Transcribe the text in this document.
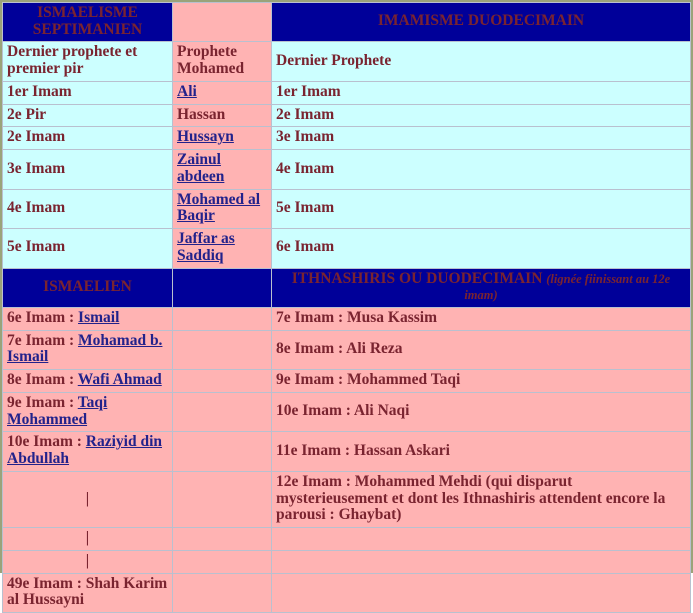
ISMAELISME SEPTIMANIEN		IMAMISME DUODECIMAIN
Dernier prophete et premier pir	Prophete Mohamed	Dernier Prophete
1er Imam	Ali	1er Imam
2e Pir	Hassan	2e Imam
2e Imam	Hussayn	3e Imam
3e Imam	Zainul abdeen	4e Imam
4e Imam	Mohamed al Baqir	5e Imam
5e Imam	Jaffar as Saddiq	6e Imam
ISMAELIEN		ITHNASHIRIS OU DUODECIMAIN (lignée fiinissant au 12e imam)
6e Imam : Ismail		7e Imam : Musa Kassim
7e Imam : Mohamad b. Ismail		8e Imam : Ali Reza
8e Imam : Wafi Ahmad		9e Imam : Mohammed Taqi
9e Imam : Taqi Mohammed		10e Imam : Ali Naqi
10e Imam : Raziyid din Abdullah		11e Imam : Hassan Askari

|		12e Imam : Mohammed Mehdi (qui disparut mysterieusement et dont les Ithnashiris attendent encore la parousi : Ghaybat)

|		

|		

49e Imam : Shah Karim al Hussayni		
